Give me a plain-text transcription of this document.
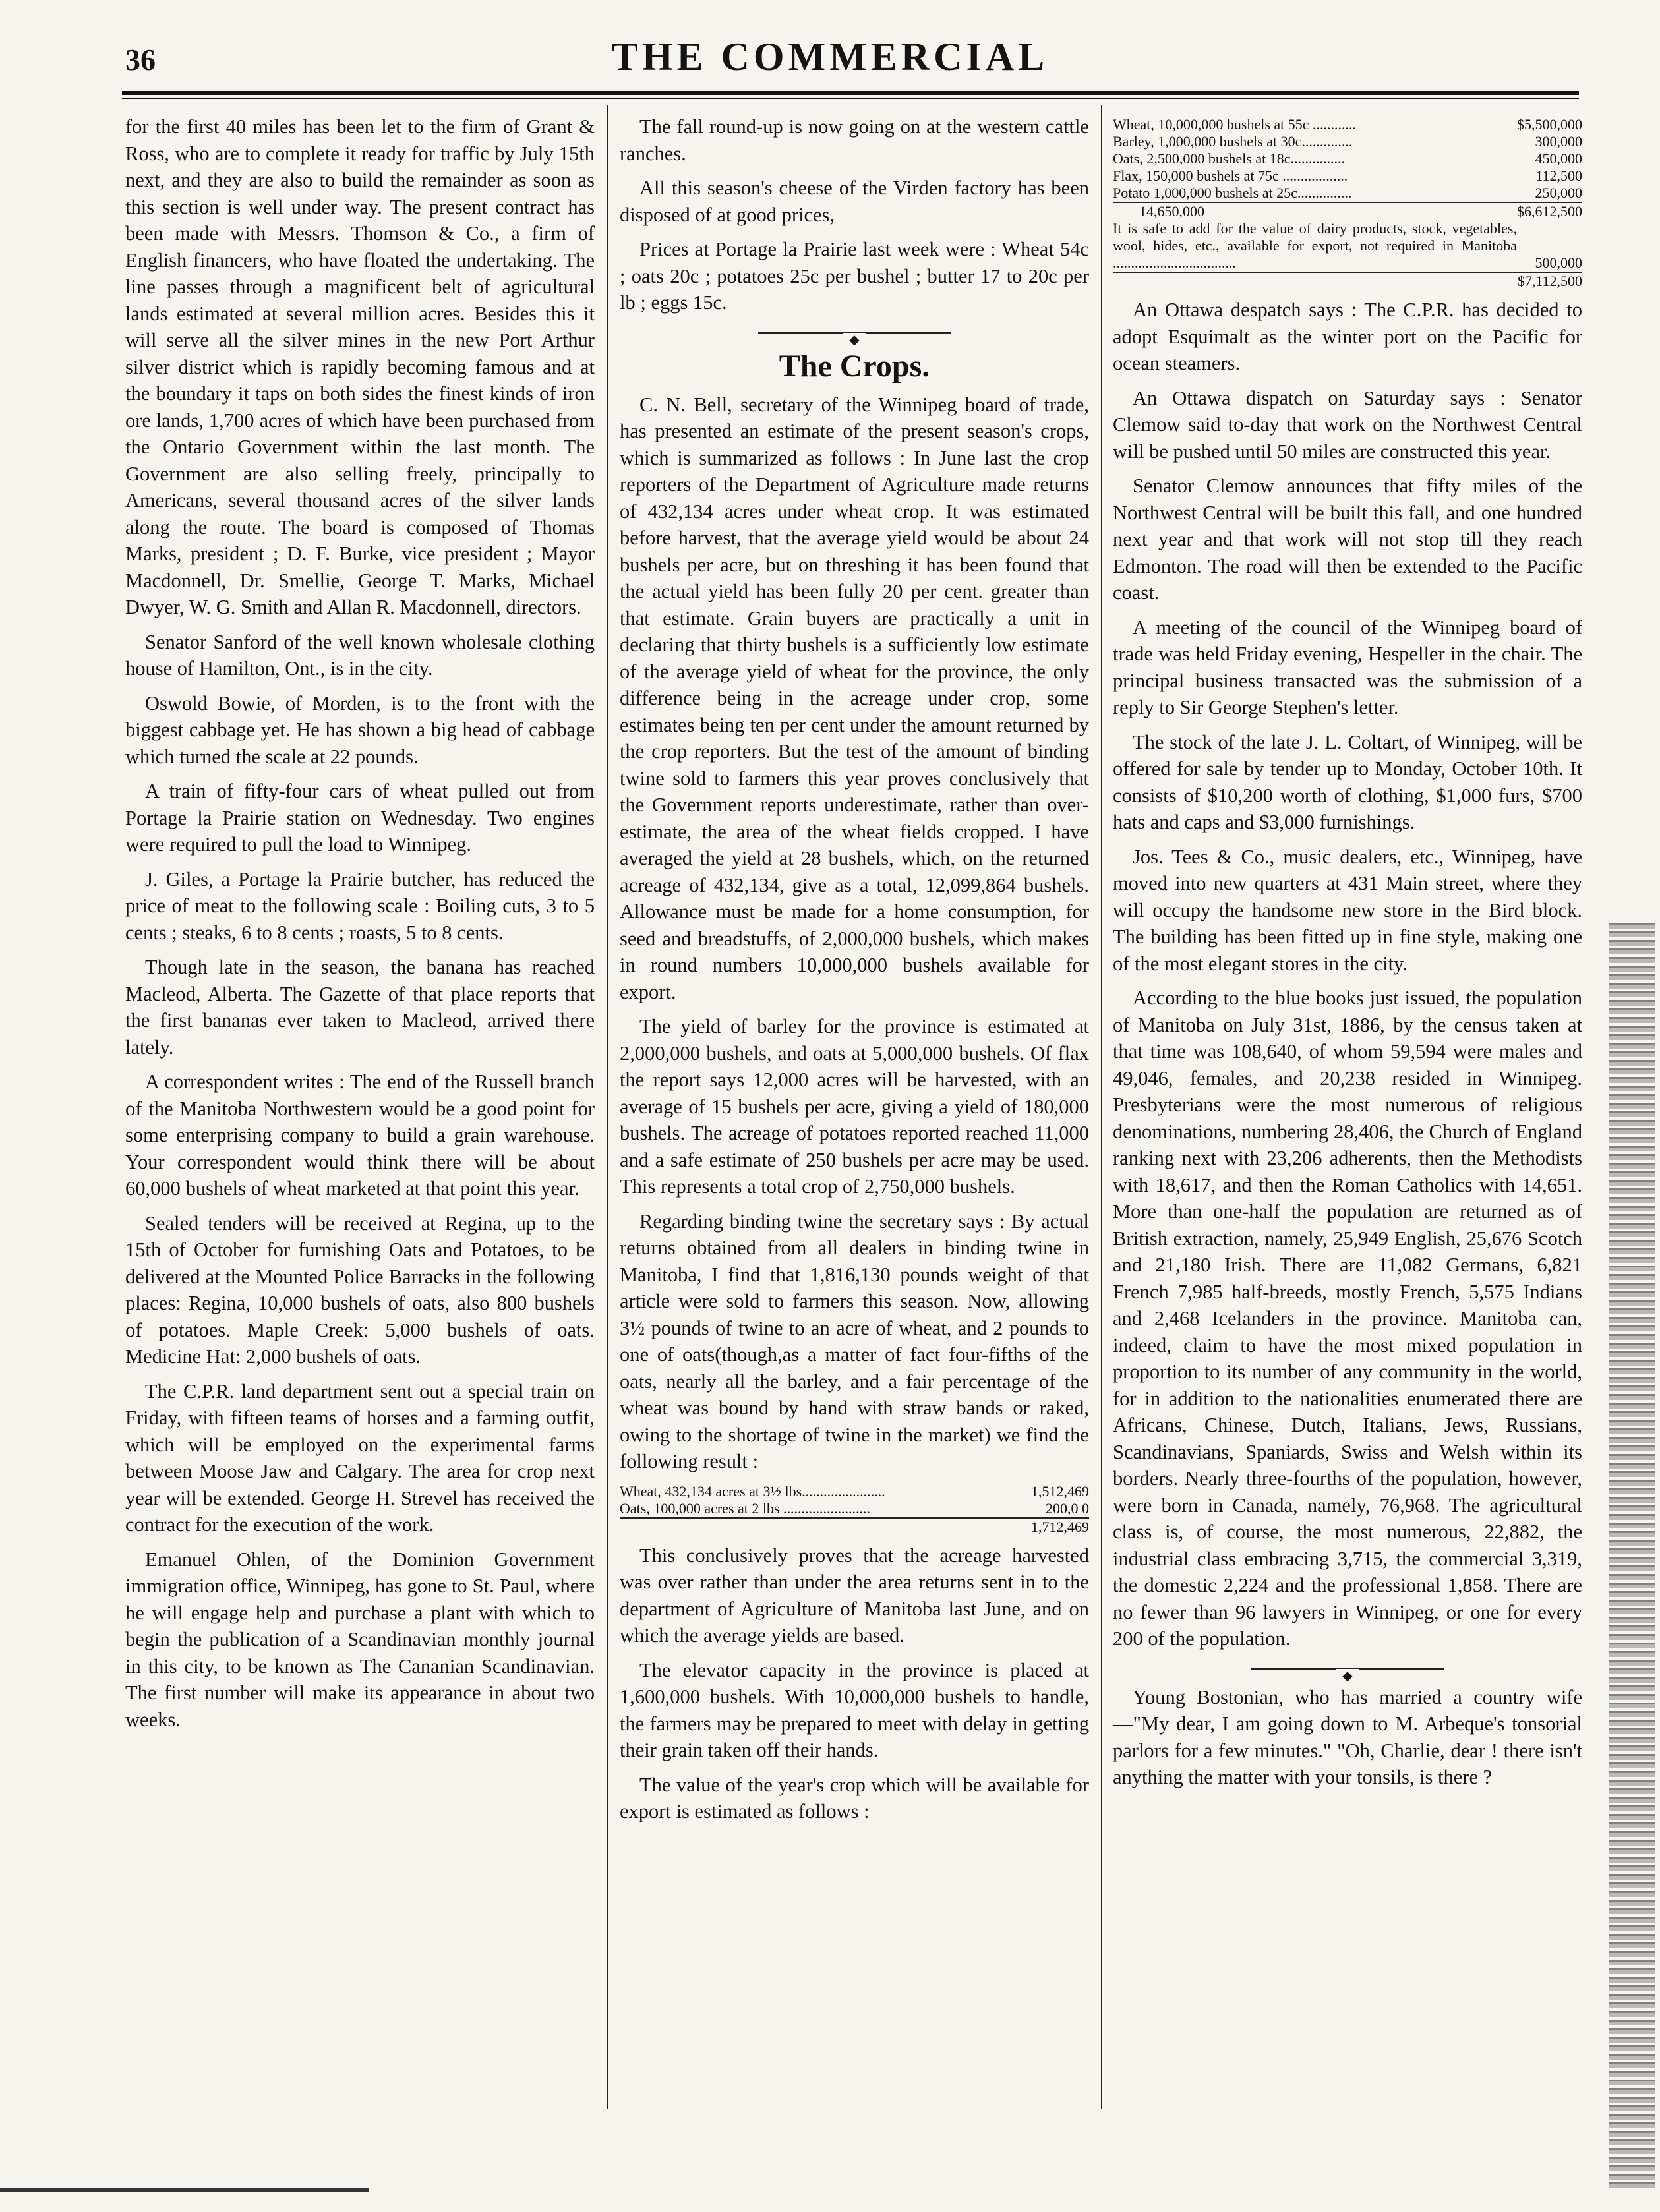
36	THE COMMERCIAL

for the first 40 miles has been let to the firm of Grant & Ross, who are to complete it ready for traffic by July 15th next, and they are also to build the remainder as soon as this section is well under way. The present contract has been made with Messrs. Thomson & Co., a firm of English financers, who have floated the undertaking. The line passes through a magnificent belt of agricultural lands estimated at several million acres. Besides this it will serve all the silver mines in the new Port Arthur silver district which is rapidly becoming famous and at the boundary it taps on both sides the finest kinds of iron ore lands, 1,700 acres of which have been purchased from the Ontario Government within the last month. The Government are also selling freely, principally to Americans, several thousand acres of the silver lands along the route. The board is composed of Thomas Marks, president ; D. F. Burke, vice president ; Mayor Macdonnell, Dr. Smellie, George T. Marks, Michael Dwyer, W. G. Smith and Allan R. Macdonnell, directors.

Senator Sanford of the well known wholesale clothing house of Hamilton, Ont., is in the city.

Oswold Bowie, of Morden, is to the front with the biggest cabbage yet. He has shown a big head of cabbage which turned the scale at 22 pounds.

A train of fifty-four cars of wheat pulled out from Portage la Prairie station on Wednesday. Two engines were required to pull the load to Winnipeg.

J. Giles, a Portage la Prairie butcher, has reduced the price of meat to the following scale : Boiling cuts, 3 to 5 cents ; steaks, 6 to 8 cents ; roasts, 5 to 8 cents.

Though late in the season, the banana has reached Macleod, Alberta. The Gazette of that place reports that the first bananas ever taken to Macleod, arrived there lately.

A correspondent writes : The end of the Russell branch of the Manitoba Northwestern would be a good point for some enterprising company to build a grain warehouse. Your correspondent would think there will be about 60,000 bushels of wheat marketed at that point this year.

Sealed tenders will be received at Regina, up to the 15th of October for furnishing Oats and Potatoes, to be delivered at the Mounted Police Barracks in the following places: Regina, 10,000 bushels of oats, also 800 bushels of potatoes. Maple Creek: 5,000 bushels of oats. Medicine Hat: 2,000 bushels of oats.

The C.P.R. land department sent out a special train on Friday, with fifteen teams of horses and a farming outfit, which will be employed on the experimental farms between Moose Jaw and Calgary. The area for crop next year will be extended. George H. Strevel has received the contract for the execution of the work.

Emanuel Ohlen, of the Dominion Government immigration office, Winnipeg, has gone to St. Paul, where he will engage help and purchase a plant with which to begin the publication of a Scandinavian monthly journal in this city, to be known as The Cananian Scandinavian. The first number will make its appearance in about two weeks.

The fall round-up is now going on at the western cattle ranches.

All this season's cheese of the Virden factory has been disposed of at good prices,

Prices at Portage la Prairie last week were : Wheat 54c ; oats 20c ; potatoes 25c per bushel ; butter 17 to 20c per lb ; eggs 15c.

◆
The Crops.

C. N. Bell, secretary of the Winnipeg board of trade, has presented an estimate of the present season's crops, which is summarized as follows : In June last the crop reporters of the Department of Agriculture made returns of 432,134 acres under wheat crop. It was estimated before harvest, that the average yield would be about 24 bushels per acre, but on threshing it has been found that the actual yield has been fully 20 per cent. greater than that estimate. Grain buyers are practically a unit in declaring that thirty bushels is a sufficiently low estimate of the average yield of wheat for the province, the only difference being in the acreage under crop, some estimates being ten per cent under the amount returned by the crop reporters. But the test of the amount of binding twine sold to farmers this year proves conclusively that the Government reports underestimate, rather than over-estimate, the area of the wheat fields cropped. I have averaged the yield at 28 bushels, which, on the returned acreage of 432,134, give as a total, 12,099,864 bushels. Allowance must be made for a home consumption, for seed and breadstuffs, of 2,000,000 bushels, which makes in round numbers 10,000,000 bushels available for export.

The yield of barley for the province is estimated at 2,000,000 bushels, and oats at 5,000,000 bushels. Of flax the report says 12,000 acres will be harvested, with an average of 15 bushels per acre, giving a yield of 180,000 bushels. The acreage of potatoes reported reached 11,000 and a safe estimate of 250 bushels per acre may be used. This represents a total crop of 2,750,000 bushels.

Regarding binding twine the secretary says : By actual returns obtained from all dealers in binding twine in Manitoba, I find that 1,816,130 pounds weight of that article were sold to farmers this season. Now, allowing 3½ pounds of twine to an acre of wheat, and 2 pounds to one of oats(though,as a matter of fact four-fifths of the oats, nearly all the barley, and a fair percentage of the wheat was bound by hand with straw bands or raked, owing to the shortage of twine in the market) we find the following result :

Wheat, 432,134 acres at 3½ lbs.......................	1,512,469
Oats, 100,000 acres at 2 lbs ........................	200,0 0
	1,712,469

This conclusively proves that the acreage harvested was over rather than under the area returns sent in to the department of Agriculture of Manitoba last June, and on which the average yields are based.

The elevator capacity in the province is placed at 1,600,000 bushels. With 10,000,000 bushels to handle, the farmers may be prepared to meet with delay in getting their grain taken off their hands.

The value of the year's crop which will be available for export is estimated as follows :

Wheat, 10,000,000 bushels at 55c ............	$5,500,000
Barley, 1,000,000 bushels at 30c..............	300,000
Oats, 2,500,000 bushels at 18c...............	450,000
Flax, 150,000 bushels at 75c ..................	112,500
Potato 1,000,000 bushels at 25c...............	250,000
14,650,000	$6,612,500
It is safe to add for the value of dairy products, stock, vegetables, wool, hides, etc., available for export, not required in Manitoba ..................................	500,000
	$7,112,500

An Ottawa despatch says : The C.P.R. has decided to adopt Esquimalt as the winter port on the Pacific for ocean steamers.

An Ottawa dispatch on Saturday says : Senator Clemow said to-day that work on the Northwest Central will be pushed until 50 miles are constructed this year.

Senator Clemow announces that fifty miles of the Northwest Central will be built this fall, and one hundred next year and that work will not stop till they reach Edmonton. The road will then be extended to the Pacific coast.

A meeting of the council of the Winnipeg board of trade was held Friday evening, Hespeller in the chair. The principal business transacted was the submission of a reply to Sir George Stephen's letter.

The stock of the late J. L. Coltart, of Winnipeg, will be offered for sale by tender up to Monday, October 10th. It consists of $10,200 worth of clothing, $1,000 furs, $700 hats and caps and $3,000 furnishings.

Jos. Tees & Co., music dealers, etc., Winnipeg, have moved into new quarters at 431 Main street, where they will occupy the handsome new store in the Bird block. The building has been fitted up in fine style, making one of the most elegant stores in the city.

According to the blue books just issued, the population of Manitoba on July 31st, 1886, by the census taken at that time was 108,640, of whom 59,594 were males and 49,046, females, and 20,238 resided in Winnipeg. Presbyterians were the most numerous of religious denominations, numbering 28,406, the Church of England ranking next with 23,206 adherents, then the Methodists with 18,617, and then the Roman Catholics with 14,651. More than one-half the population are returned as of British extraction, namely, 25,949 English, 25,676 Scotch and 21,180 Irish. There are 11,082 Germans, 6,821 French 7,985 half-breeds, mostly French, 5,575 Indians and 2,468 Icelanders in the province. Manitoba can, indeed, claim to have the most mixed population in proportion to its number of any community in the world, for in addition to the nationalities enumerated there are Africans, Chinese, Dutch, Italians, Jews, Russians, Scandinavians, Spaniards, Swiss and Welsh within its borders. Nearly three-fourths of the population, however, were born in Canada, namely, 76,968. The agricultural class is, of course, the most numerous, 22,882, the industrial class embracing 3,715, the commercial 3,319, the domestic 2,224 and the professional 1,858. There are no fewer than 96 lawyers in Winnipeg, or one for every 200 of the population.

◆

Young Bostonian, who has married a country wife—"My dear, I am going down to M. Arbeque's tonsorial parlors for a few minutes." "Oh, Charlie, dear ! there isn't anything the matter with your tonsils, is there ?
